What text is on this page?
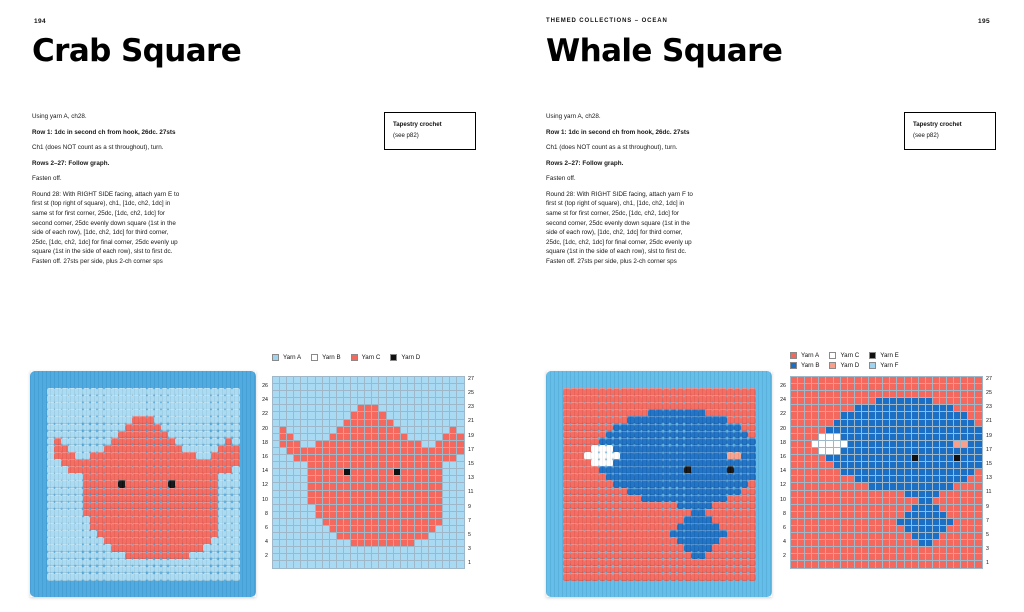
194
Crab Square

Using yarn A, ch28.

Row 1: 1dc in second ch from hook, 26dc. 27sts

Ch1 (does NOT count as a st throughout), turn.

Rows 2–27: Follow graph.

Fasten off.

Round 28: With RIGHT SIDE facing, attach yarn E to first st (top right of square), ch1, [1dc, ch2, 1dc] in same st for first corner, 25dc, [1dc, ch2, 1dc] for second corner, 25dc evenly down square (1st in the side of each row), [1dc, ch2, 1dc] for third corner, 25dc, [1dc, ch2, 1dc] for final corner, 25dc evenly up square (1st in the side of each row), slst to first dc. Fasten off. 27sts per side, plus 2-ch corner sps

Tapestry crochet
(see p82)
Yarn A	Yarn B	Yarn C	Yarn D
1
3
5
7
9
11
13
15
17
19
21
23
25
27
2
4
6
8
10
12
14
16
18
20
22
24
26
THEMED COLLECTIONS – OCEAN	195
Whale Square

Using yarn A, ch28.

Row 1: 1dc in second ch from hook, 26dc. 27sts

Ch1 (does NOT count as a st throughout), turn.

Rows 2–27: Follow graph.

Fasten off.

Round 28: With RIGHT SIDE facing, attach yarn F to first st (top right of square), ch1, [1dc, ch2, 1dc] in same st for first corner, 25dc, [1dc, ch2, 1dc] for second corner, 25dc evenly down square (1st in the side of each row), [1dc, ch2, 1dc] for third corner, 25dc, [1dc, ch2, 1dc] for final corner, 25dc evenly up square (1st in the side of each row), slst to first dc. Fasten off. 27sts per side, plus 2-ch corner sps

Tapestry crochet
(see p82)
Yarn A
Yarn B
Yarn C
Yarn D
Yarn E
Yarn F
1
3
5
7
9
11
13
15
17
19
21
23
25
27
2
4
6
8
10
12
14
16
18
20
22
24
26
